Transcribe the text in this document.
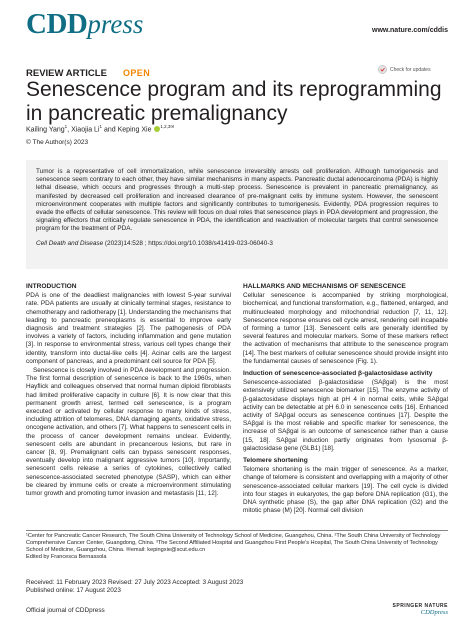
CDDpress	www.nature.com/cddis
REVIEW ARTICLE OPEN	Check for updates
Senescence program and its reprogramming in pancreatic premalignancy
Kailing Yang$^1$, Xiaojia Li$^1$ and Keping Xie $^{1,2,3✉}$
© The Author(s) 2023

Tumor is a representative of cell immortalization, while senescence irreversibly arrests cell proliferation. Although tumorigenesis and senescence seem contrary to each other, they have similar mechanisms in many aspects. Pancreatic ductal adenocarcinoma (PDA) is highly lethal disease, which occurs and progresses through a multi-step process. Senescence is prevalent in pancreatic premalignancy, as manifested by decreased cell proliferation and increased clearance of pre-malignant cells by immune system. However, the senescent microenvironment cooperates with multiple factors and significantly contributes to tumorigenesis. Evidently, PDA progression requires to evade the effects of cellular senescence. This review will focus on dual roles that senescence plays in PDA development and progression, the signaling effectors that critically regulate senescence in PDA, the identification and reactivation of molecular targets that control senescence program for the treatment of PDA.

Cell Death and Disease (2023)14:528 ; https://doi.org/10.1038/s41419-023-06040-3

INTRODUCTION

PDA is one of the deadliest malignancies with lowest 5-year survival rate. PDA patients are usually at clinically terminal stages, resistance to chemotherapy and radiotherapy [1]. Understanding the mechanisms that leading to pancreatic preneoplasms is essential to improve early diagnosis and treatment strategies [2]. The pathogenesis of PDA involves a variety of factors, including inflammation and gene mutation [3]. In response to environmental stress, various cell types change their identity, transform into ductal-like cells [4]. Acinar cells are the largest component of pancreas, and a predominant cell source for PDA [5].

Senescence is closely involved in PDA development and progression. The first formal description of senescence is back to the 1960s, when Hayflick and colleagues observed that normal human diploid fibroblasts had limited proliferative capacity in culture [6]. It is now clear that this permanent growth arrest, termed cell senescence, is a program executed or activated by cellular response to many kinds of stress, including attrition of telomeres, DNA damaging agents, oxidative stress, oncogene activation, and others [7]. What happens to senescent cells in the process of cancer development remains unclear. Evidently, senescent cells are abundant in precancerous lesions, but rare in cancer [8, 9]. Premalignant cells can bypass senescent responses, eventually develop into malignant aggressive tumors [10]. Importantly, senescent cells release a series of cytokines, collectively called senescence-associated secreted phenotype (SASP), which can either be cleared by immune cells or create a microenvironment stimulating tumor growth and promoting tumor invasion and metastasis [11, 12].

HALLMARKS AND MECHANISMS OF SENESCENCE

Cellular senescence is accompanied by striking morphological, biochemical, and functional transformation, e.g., flattened, enlarged, and multinucleated morphology and mitochondrial reduction [7, 11, 12]. Senescence response ensures cell cycle arrest, rendering cell incapable of forming a tumor [13]. Senescent cells are generally identified by several features and molecular markers. Some of these markers reflect the activation of mechanisms that attribute to the senescence program [14]. The best markers of cellular senescence should provide insight into the fundamental causes of senescence (Fig. 1).

Induction of senescence-associated β-galactosidase activity

Senescence-associated β-galactosidase (SAβgal) is the most extensively utilized senescence biomarker [15]. The enzyme activity of β-galactosidase displays high at pH 4 in normal cells, while SAβgal activity can be detectable at pH 6.0 in senescence cells [16]. Enhanced activity of SAβgal occurs as senescence continues [17]. Despite the SAβgal is the most reliable and specific marker for senescence, the increase of SAβgal is an outcome of senescence rather than a cause [15, 18]. SAβgal induction partly originates from lysosomal β-galactosidase gene (GLB1) [18].

Telomere shortening

Telomere shortening is the main trigger of senescence. As a marker, change of telomere is consistent and overlapping with a majority of other senescence-associated cellular markers [19]. The cell cycle is divided into four stages in eukaryotes, the gap before DNA replication (G1), the DNA synthetic phase (S), the gap after DNA replication (G2) and the mitotic phase (M) [20]. Normal cell division

¹Center for Pancreatic Cancer Research, The South China University of Technology School of Medicine, Guangzhou, China. ²The South China University of Technology Comprehensive Cancer Center, Guangdong, China. ³The Second Affiliated Hospital and Guangzhou First People's Hospital, The South China University of Technology School of Medicine, Guangzhou, China. ✉email: kepingxie@scut.edu.cn
Edited by Francesca Bernassola
Received: 11 February 2023 Revised: 27 July 2023 Accepted: 3 August 2023
Published online: 17 August 2023
Official journal of CDDpress
SPRINGER NATURE
CDDpress
